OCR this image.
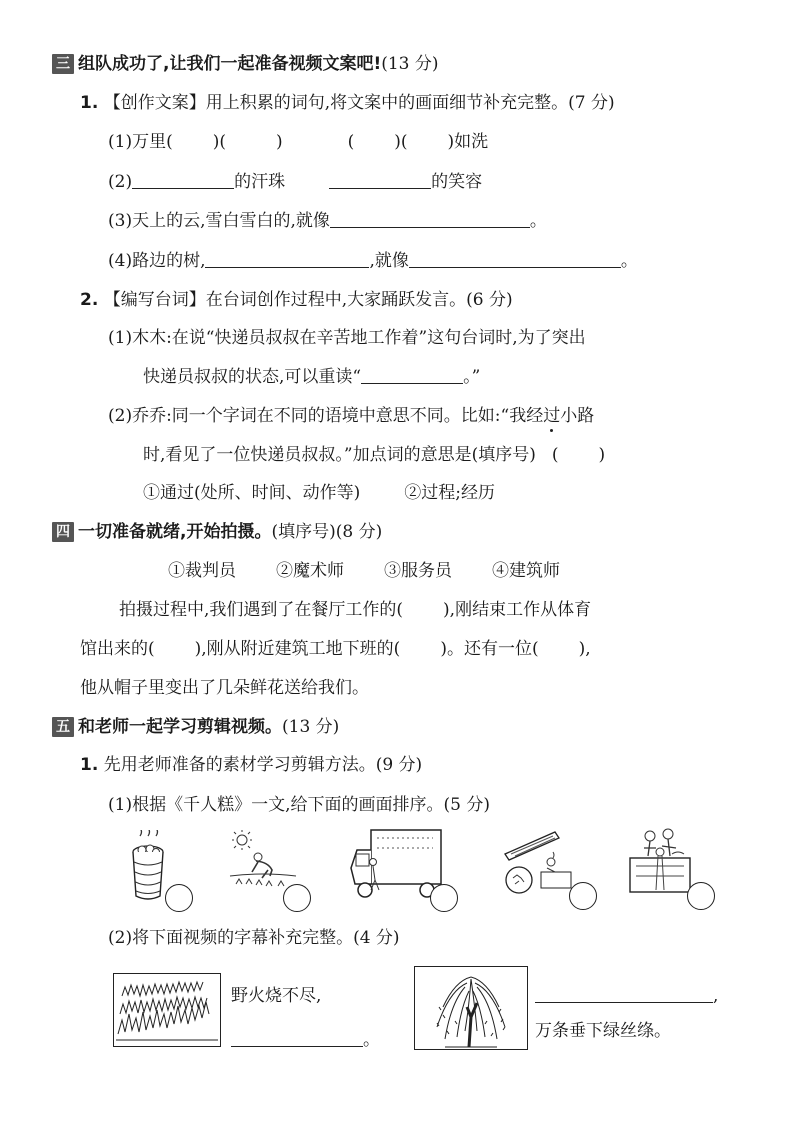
三 组队成功了,让我们一起准备视频文案吧!(13 分)
1. 【创作文案】用上积累的词句,将文案中的画面细节补充完整。(7 分)
(1)万里( )(	)	( )( )如洗
(2)	的汗珠	的笑容
(3)天上的云,雪白雪白的,就像	。
(4)路边的树,	,就像	。
2. 【编写台词】在台词创作过程中,大家踊跃发言。(6 分)
(1)木木:在说“快递员叔叔在辛苦地工作着”这句台词时,为了突出
快递员叔叔的状态,可以重读“	。”
(2)乔乔:同一个字词在不同的语境中意思不同。比如:“我经过小路
时,看见了一位快递员叔叔。”加点词的意思是(填序号) ( )
①通过(处所、时间、动作等)	②过程;经历
四 一切准备就绪,开始拍摄。(填序号)(8 分)
①裁判员 ②魔术师 ③服务员 ④建筑师
拍摄过程中,我们遇到了在餐厅工作的( ),刚结束工作从体育
馆出来的( ),刚从附近建筑工地下班的( )。还有一位( ),
他从帽子里变出了几朵鲜花送给我们。
五 和老师一起学习剪辑视频。(13 分)
1. 先用老师准备的素材学习剪辑方法。(9 分)
(1)根据《千人糕》一文,给下面的画面排序。(5 分)
(2)将下面视频的字幕补充完整。(4 分)
野火烧不尽,
。
,
万条垂下绿丝绦。
